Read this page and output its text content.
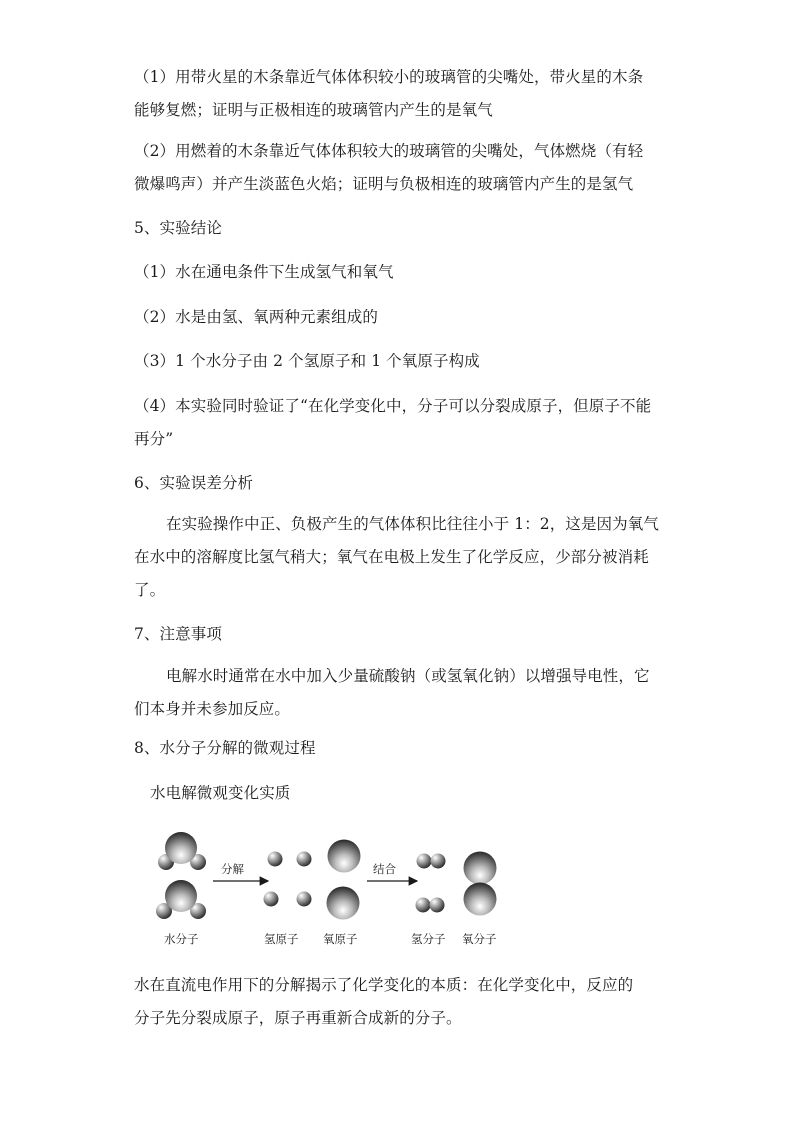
（1）用带火星的木条靠近气体体积较小的玻璃管的尖嘴处，带火星的木条
能够复燃；证明与正极相连的玻璃管内产生的是氧气
（2）用燃着的木条靠近气体体积较大的玻璃管的尖嘴处，气体燃烧（有轻
微爆鸣声）并产生淡蓝色火焰；证明与负极相连的玻璃管内产生的是氢气
5、实验结论
（1）水在通电条件下生成氢气和氧气
（2）水是由氢、氧两种元素组成的
（3）1 个水分子由 2 个氢原子和 1 个氧原子构成
（4）本实验同时验证了“在化学变化中，分子可以分裂成原子，但原子不能
再分”
6、实验误差分析
在实验操作中正、负极产生的气体体积比往往小于 1：2，这是因为氧气
在水中的溶解度比氢气稍大；氧气在电极上发生了化学反应，少部分被消耗
了。
7、注意事项
电解水时通常在水中加入少量硫酸钠（或氢氧化钠）以增强导电性，它
们本身并未参加反应。
8、水分子分解的微观过程
水电解微观变化实质
水在直流电作用下的分解揭示了化学变化的本质：在化学变化中，反应的
分子先分裂成原子，原子再重新合成新的分子。
分解	结合
水分子	氢原子 氧原子	氢分子 氧分子
